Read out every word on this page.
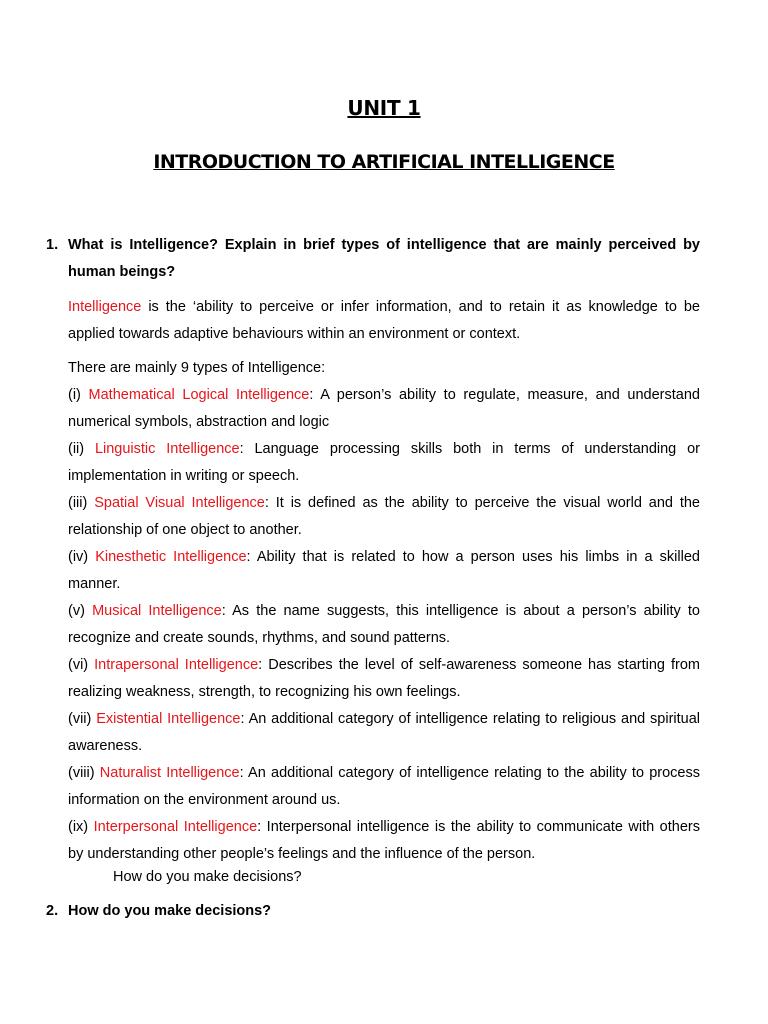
UNIT 1
INTRODUCTION TO ARTIFICIAL INTELLIGENCE
1. What is Intelligence? Explain in brief types of intelligence that are mainly perceived by human beings?
Intelligence is the ‘ability to perceive or infer information, and to retain it as knowledge to be applied towards adaptive behaviours within an environment or context.
There are mainly 9 types of Intelligence:
(i) Mathematical Logical Intelligence: A person’s ability to regulate, measure, and understand numerical symbols, abstraction and logic
(ii) Linguistic Intelligence: Language processing skills both in terms of understanding or implementation in writing or speech.
(iii) Spatial Visual Intelligence: It is defined as the ability to perceive the visual world and the relationship of one object to another.
(iv) Kinesthetic Intelligence: Ability that is related to how a person uses his limbs in a skilled manner.
(v) Musical Intelligence: As the name suggests, this intelligence is about a person’s ability to recognize and create sounds, rhythms, and sound patterns.
(vi) Intrapersonal Intelligence: Describes the level of self-awareness someone has starting from realizing weakness, strength, to recognizing his own feelings.
(vii) Existential Intelligence: An additional category of intelligence relating to religious and spiritual awareness.
(viii) Naturalist Intelligence: An additional category of intelligence relating to the ability to process information on the environment around us.
(ix) Interpersonal Intelligence: Interpersonal intelligence is the ability to communicate with others by understanding other people’s feelings and the influence of the person.
How do you make decisions?
2. How do you make decisions?
